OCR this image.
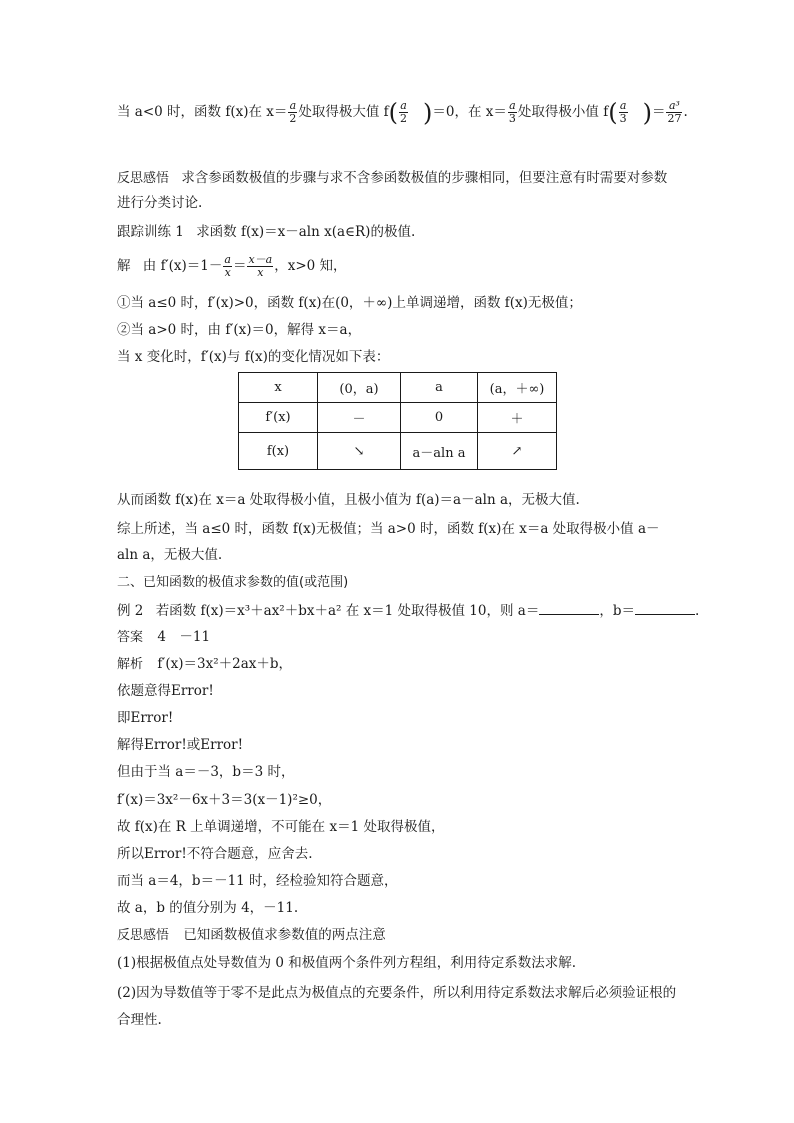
当 a<0 时，函数 f(x)在 $x= \frac{a}{2}$ 处取得极大值 $f( \frac{a}{2} )=0$，在 $x= \frac{a}{3}$ 处取得极小值 $f( \frac{a}{3}$ )＝ $\frac{\text{a³}}{27}$ .
反思感悟 求含参函数极值的步骤与求不含参函数极值的步骤相同，但要注意有时需要对参数进行分类讨论.
跟踪训练 1 求函数 f(x)＝x－aln x(a∈R)的极值.
解 由 $f'(x)=1- \frac{a}{x} = \frac{x-a}{x}$ ，x>0 知，
①当 a≤0 时，f′(x)>0，函数 f(x)在(0，＋∞)上单调递增，函数 f(x)无极值；
②当 a>0 时，由 f′(x)＝0，解得 x＝a，
当 x 变化时，f′(x)与 f(x)的变化情况如下表：
x	(0，a)	a	(a，＋∞)
f′(x)	－	0	＋
f(x)	↘	a－aln a	↗
从而函数 f(x)在 x＝a 处取得极小值，且极小值为 f(a)＝a－aln a，无极大值.
综上所述，当 a≤0 时，函数 f(x)无极值；当 a>0 时，函数 f(x)在 x＝a 处取得极小值 a－aln a，无极大值.
二、已知函数的极值求参数的值(或范围)
例 2 若函数 f(x)＝x³＋ax²＋bx＋a² 在 x＝1 处取得极值 10，则 a＝	，b＝	.
答案 4　－11
解析 f′(x)＝3x²＋2ax＋b，
依题意得Error!
即Error!
解得Error!或Error!
但由于当 a＝－3，b＝3 时，
f′(x)＝3x²－6x＋3＝3(x－1)²≥0，
故 f(x)在 R 上单调递增，不可能在 x＝1 处取得极值，
所以Error!不符合题意，应舍去.
而当 a＝4，b＝－11 时，经检验知符合题意，
故 a，b 的值分别为 4，－11.
反思感悟 已知函数极值求参数值的两点注意
(1)根据极值点处导数值为 0 和极值两个条件列方程组，利用待定系数法求解.
(2)因为导数值等于零不是此点为极值点的充要条件，所以利用待定系数法求解后必须验证根的合理性.
